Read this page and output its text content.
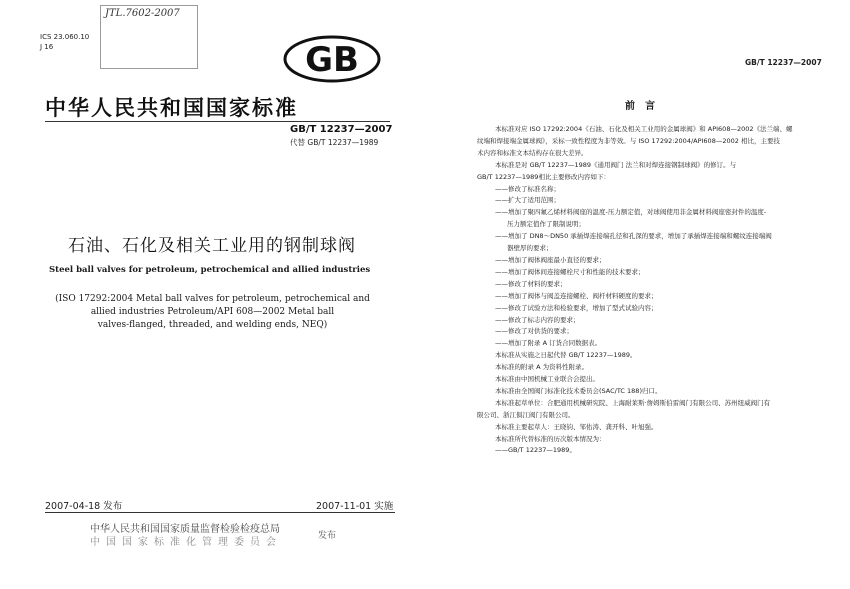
JTL.7602-2007
ICS 23.060.10
J 16	GB
中华人民共和国国家标准
GB/T 12237—2007
代替 GB/T 12237—1989
石油、石化及相关工业用的钢制球阀
Steel ball valves for petroleum, petrochemical and allied industries
(ISO 17292:2004 Metal ball valves for petroleum, petrochemical and
allied industries Petroleum/API 608—2002 Metal ball
valves-flanged, threaded, and welding ends, NEQ)
2007-04-18 发布	2007-11-01 实施
中华人民共和国国家质量监督检验检疫总局
中国国家标准化管理委员会
发布
GB/T 12237—2007
前言
本标准对应 ISO 17292:2004《石油、石化及相关工业用的金属球阀》和 API608—2002《法兰端、螺
纹端和焊接端金属球阀》，采标一致性程度为非等效。与 ISO 17292:2004/API608—2002 相比，主要技
术内容和标准文本结构存在很大差异。
本标准是对 GB/T 12237—1989《通用阀门 法兰和对焊连接钢制球阀》的修订。与
GB/T 12237—1989相比主要修改内容如下：
——修改了标准名称；
——扩大了适用范围；
——增加了聚四氟乙烯材料阀座的温度-压力额定值，对球阀使用非金属材料阀座密封件的温度-
压力额定值作了限制说明；
——增加了 DN8～DN50 承插焊连接端孔径和孔深的要求，增加了承插焊连接端和螺纹连接端阀
器壁厚的要求；
——增加了阀体阀座最小直径的要求；
——增加了阀体间连接螺栓尺寸和性能的技术要求；
——修改了材料的要求；
——增加了阀体与阀盖连接螺栓、阀杆材料硬度的要求；
——修改了试验方法和检验要求，增加了型式试验内容；
——修改了标志内容的要求；
——修改了对供货的要求；
——增加了附录 A 订货合同数据表。
本标准从实施之日起代替 GB/T 12237—1989。
本标准的附录 A 为资料性附录。
本标准由中国机械工业联合会提出。
本标准由全国阀门标准化技术委员会(SAC/TC 188)归口。
本标准起草单位：合肥通用机械研究院、上海耐莱斯·詹姆斯伯雷阀门有限公司、苏州纽威阀门有
限公司、浙江俱江阀门有限公司。
本标准主要起草人：王晓钧、邹佑涛、龚开科、叶旭强。
本标准所代替标准的历次版本情况为：
——GB/T 12237—1989。
